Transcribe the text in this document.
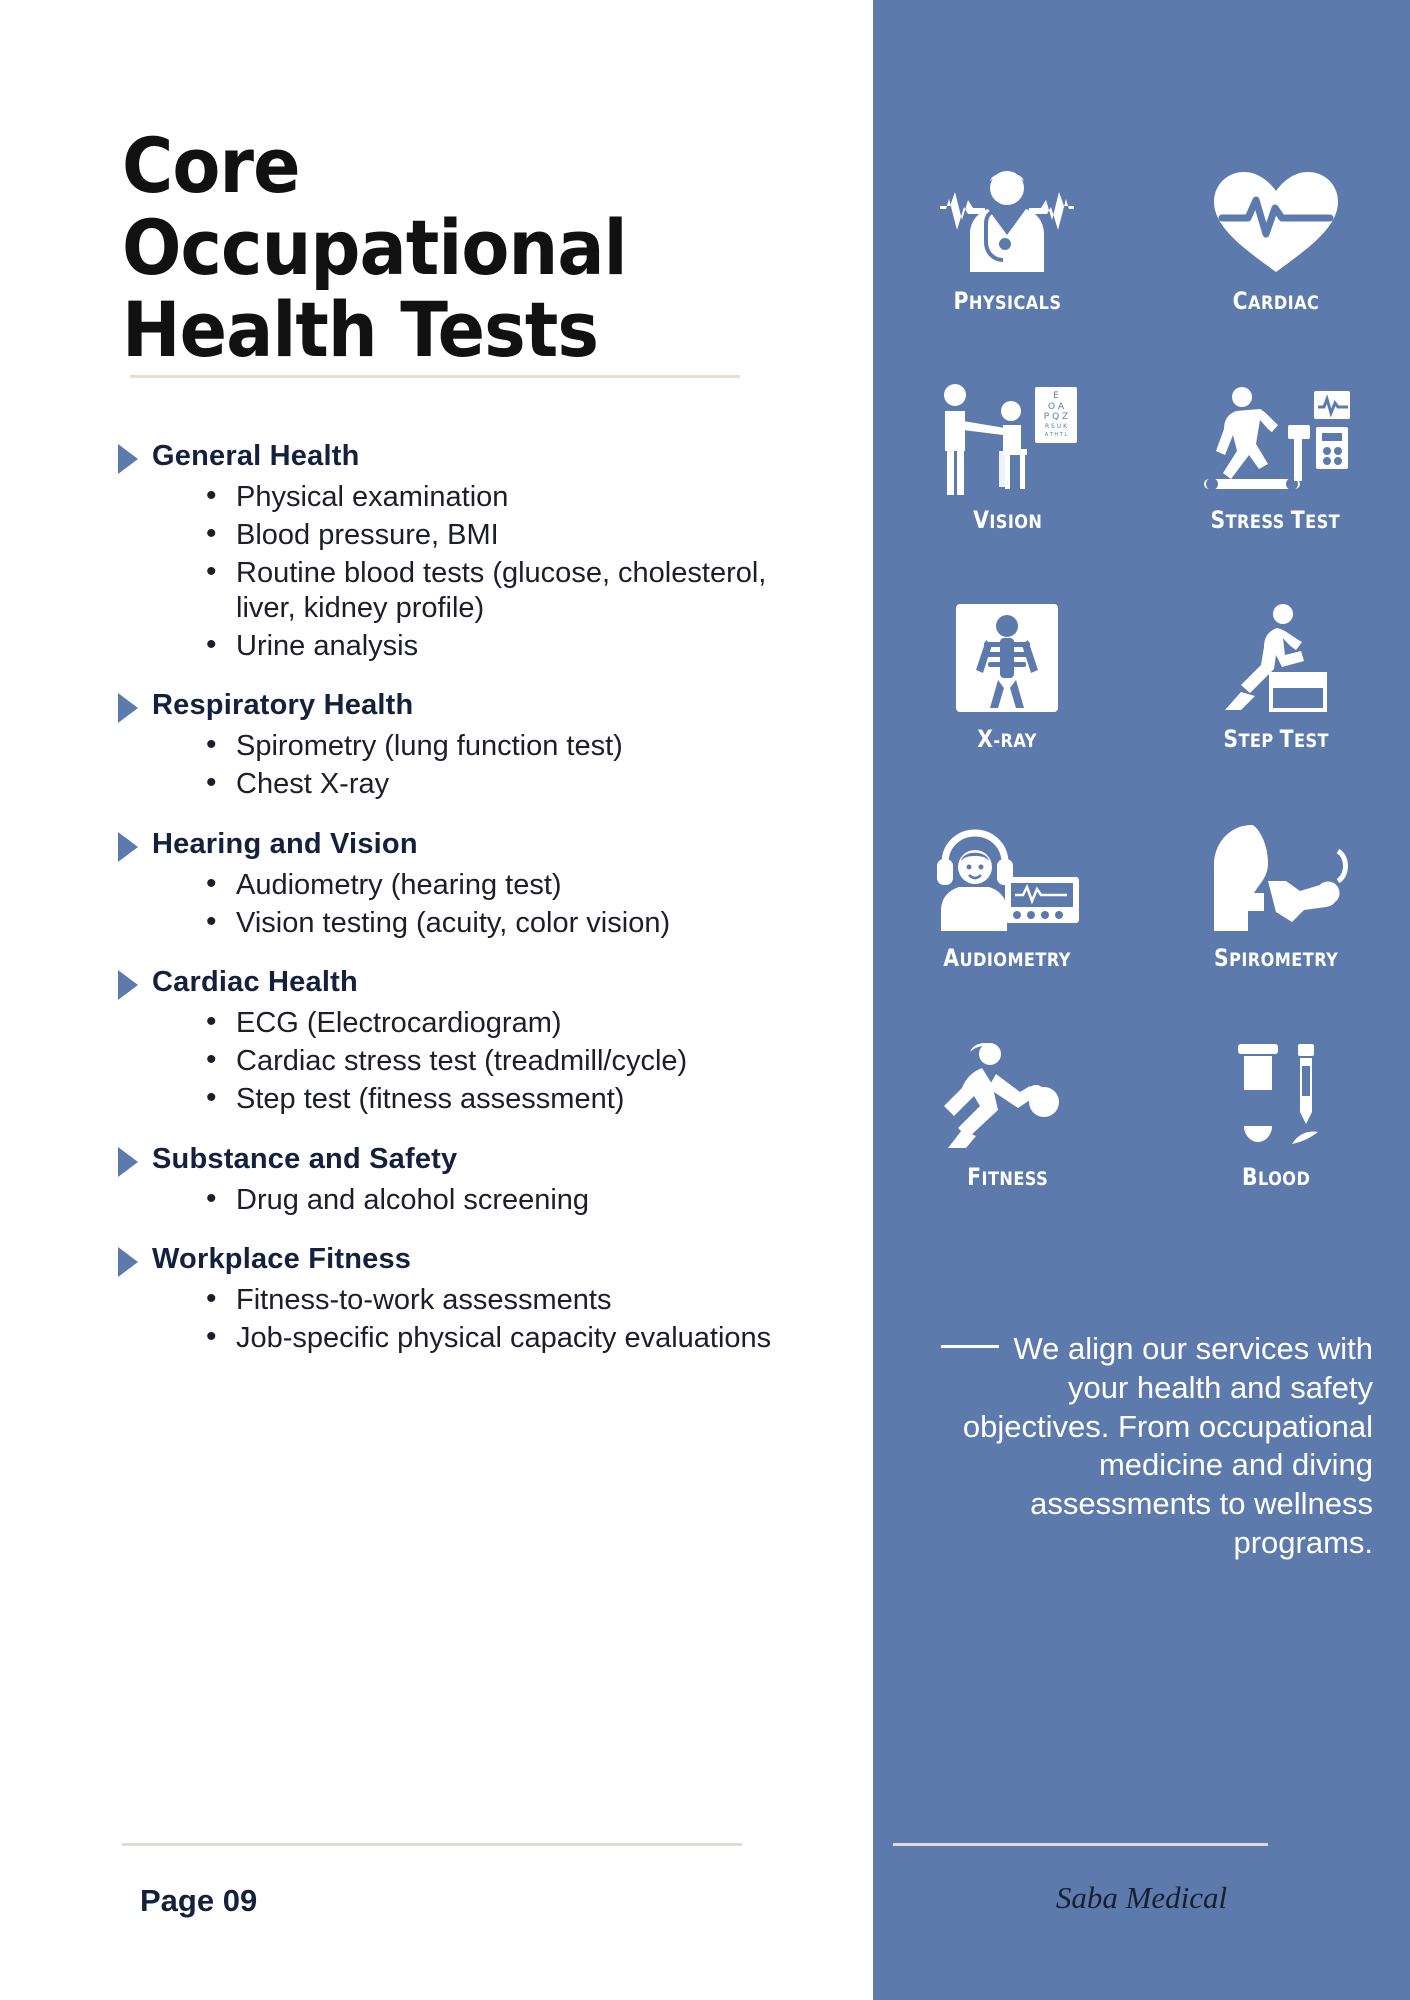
Core Occupational
Health Tests
General Health
• Physical examination
• Blood pressure, BMI
• Routine blood tests (glucose, cholesterol, liver, kidney profile)
• Urine analysis
Respiratory Health
• Spirometry (lung function test)
• Chest X-ray
Hearing and Vision
• Audiometry (hearing test)
• Vision testing (acuity, color vision)
Cardiac Health
• ECG (Electrocardiogram)
• Cardiac stress test (treadmill/cycle)
• Step test (fitness assessment)
Substance and Safety
• Drug and alcohol screening
Workplace Fitness
• Fitness-to-work assessments
• Job-specific physical capacity evaluations
PHYSICALS	CARDIAC
E
O A
P Q Z
R S U K
A T H T L
VISION	STRESS TEST
X-RAY	STEP TEST
AUDIOMETRY	SPIROMETRY
FITNESS	BLOOD
We align our services with your health and safety objectives. From occupational medicine and diving assessments to wellness programs.
Page 09	Saba Medical
